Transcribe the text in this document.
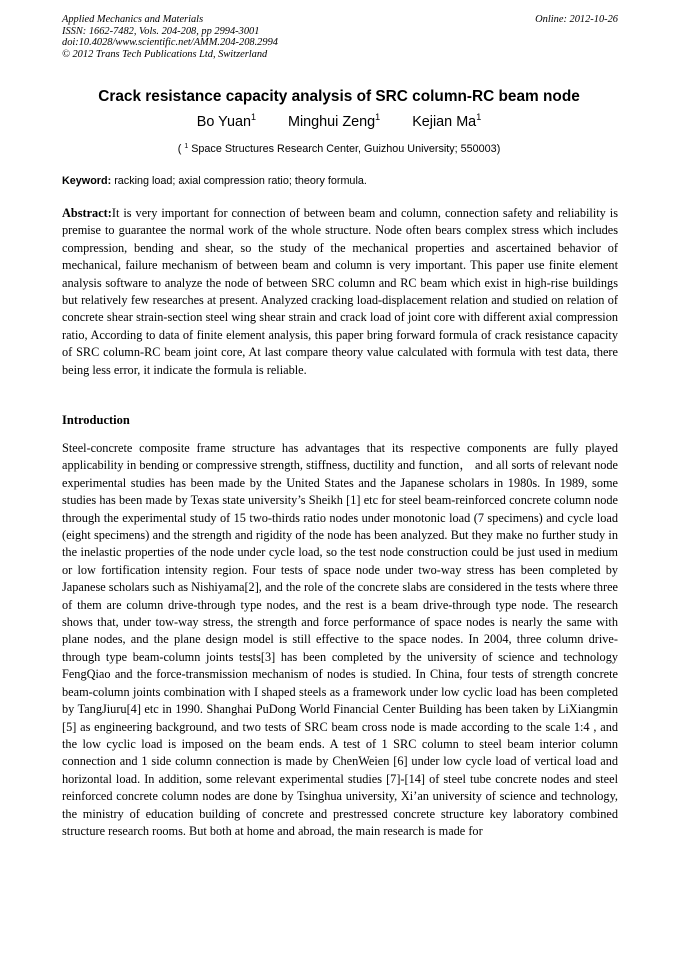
Applied Mechanics and Materials
ISSN: 1662-7482, Vols. 204-208, pp 2994-3001
doi:10.4028/www.scientific.net/AMM.204-208.2994
© 2012 Trans Tech Publications Ltd, Switzerland
Online: 2012-10-26
Crack resistance capacity analysis of SRC column-RC beam node
Bo Yuan$^1$ Minghui Zeng$^1$ Kejian Ma$^1$
( $^1$ Space Structures Research Center, Guizhou University; 550003)
Keyword: racking load; axial compression ratio; theory formula.

Abstract:It is very important for connection of between beam and column, connection safety and reliability is premise to guarantee the normal work of the whole structure. Node often bears complex stress which includes compression, bending and shear, so the study of the mechanical properties and ascertained behavior of mechanical, failure mechanism of between beam and column is very important. This paper use finite element analysis software to analyze the node of between SRC column and RC beam which exist in high-rise buildings but relatively few researches at present. Analyzed cracking load-displacement relation and studied on relation of concrete shear strain-section steel wing shear strain and crack load of joint core with different axial compression ratio, According to data of finite element analysis, this paper bring forward formula of crack resistance capacity of SRC column-RC beam joint core, At last compare theory value calculated with formula with test data, there being less error, it indicate the formula is reliable.

Introduction

Steel-concrete composite frame structure has advantages that its respective components are fully played applicability in bending or compressive strength, stiffness, ductility and function， and all sorts of relevant node experimental studies has been made by the United States and the Japanese scholars in 1980s. In 1989, some studies has been made by Texas state university’s Sheikh [1] etc for steel beam-reinforced concrete column node through the experimental study of 15 two-thirds ratio nodes under monotonic load (7 specimens) and cycle load (eight specimens) and the strength and rigidity of the node has been analyzed. But they make no further study in the inelastic properties of the node under cycle load, so the test node construction could be just used in medium or low fortification intensity region. Four tests of space node under two-way stress has been completed by Japanese scholars such as Nishiyama[2], and the role of the concrete slabs are considered in the tests where three of them are column drive-through type nodes, and the rest is a beam drive-through type node. The research shows that, under tow-way stress, the strength and force performance of space nodes is nearly the same with plane nodes, and the plane design model is still effective to the space nodes. In 2004, three column drive-through type beam-column joints tests[3] has been completed by the university of science and technology FengQiao and the force-transmission mechanism of nodes is studied. In China, four tests of strength concrete beam-column joints combination with I shaped steels as a framework under low cyclic load has been completed by TangJiuru[4] etc in 1990. Shanghai PuDong World Financial Center Building has been taken by LiXiangmin [5] as engineering background, and two tests of SRC beam cross node is made according to the scale 1:4 , and the low cyclic load is imposed on the beam ends. A test of 1 SRC column to steel beam interior column connection and 1 side column connection is made by ChenWeien [6] under low cycle load of vertical load and horizontal load. In addition, some relevant experimental studies [7]-[14] of steel tube concrete nodes and steel reinforced concrete column nodes are done by Tsinghua university, Xi’an university of science and technology, the ministry of education building of concrete and prestressed concrete structure key laboratory combined structure research rooms. But both at home and abroad, the main research is made for
